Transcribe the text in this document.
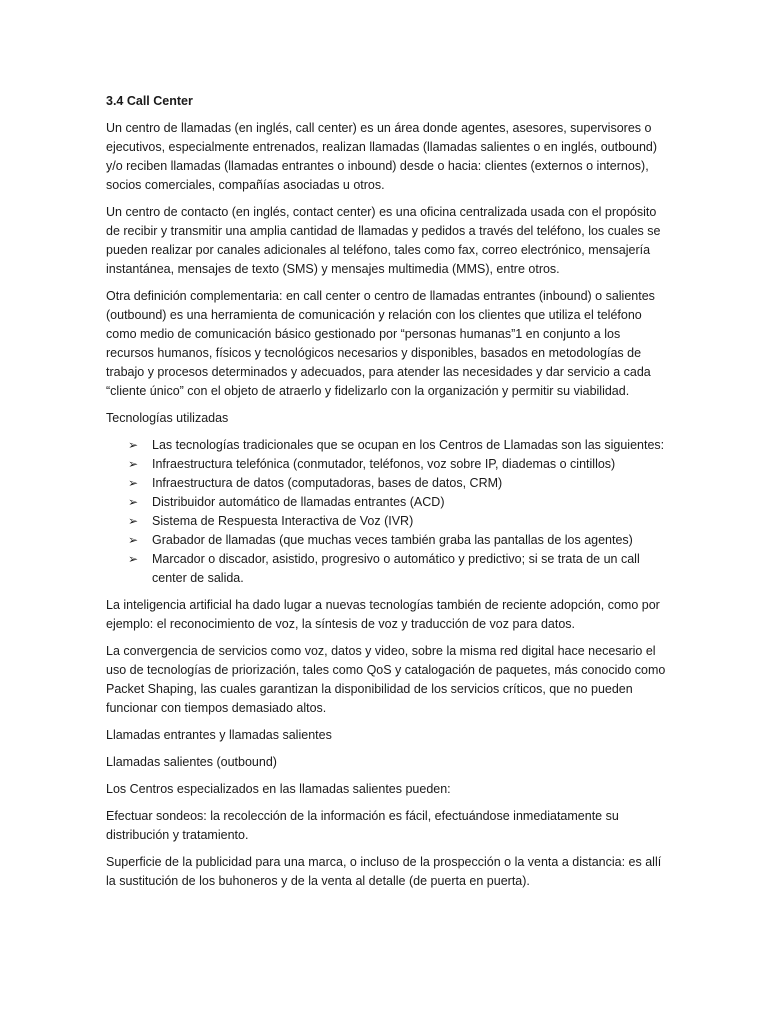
3.4 Call Center

Un centro de llamadas (en inglés, call center) es un área donde agentes, asesores, supervisores o ejecutivos, especialmente entrenados, realizan llamadas (llamadas salientes o en inglés, outbound) y/o reciben llamadas (llamadas entrantes o inbound) desde o hacia: clientes (externos o internos), socios comerciales, compañías asociadas u otros.

Un centro de contacto (en inglés, contact center) es una oficina centralizada usada con el propósito de recibir y transmitir una amplia cantidad de llamadas y pedidos a través del teléfono, los cuales se pueden realizar por canales adicionales al teléfono, tales como fax, correo electrónico, mensajería instantánea, mensajes de texto (SMS) y mensajes multimedia (MMS), entre otros.

Otra definición complementaria: en call center o centro de llamadas entrantes (inbound) o salientes (outbound) es una herramienta de comunicación y relación con los clientes que utiliza el teléfono como medio de comunicación básico gestionado por “personas humanas”1 en conjunto a los recursos humanos, físicos y tecnológicos necesarios y disponibles, basados en metodologías de trabajo y procesos determinados y adecuados, para atender las necesidades y dar servicio a cada “cliente único” con el objeto de atraerlo y fidelizarlo con la organización y permitir su viabilidad.

Tecnologías utilizadas

➢ Las tecnologías tradicionales que se ocupan en los Centros de Llamadas son las siguientes:
➢ Infraestructura telefónica (conmutador, teléfonos, voz sobre IP, diademas o cintillos)
➢ Infraestructura de datos (computadoras, bases de datos, CRM)
➢ Distribuidor automático de llamadas entrantes (ACD)
➢ Sistema de Respuesta Interactiva de Voz (IVR)
➢ Grabador de llamadas (que muchas veces también graba las pantallas de los agentes)
➢ Marcador o discador, asistido, progresivo o automático y predictivo; si se trata de un call center de salida.

La inteligencia artificial ha dado lugar a nuevas tecnologías también de reciente adopción, como por ejemplo: el reconocimiento de voz, la síntesis de voz y traducción de voz para datos.

La convergencia de servicios como voz, datos y video, sobre la misma red digital hace necesario el uso de tecnologías de priorización, tales como QoS y catalogación de paquetes, más conocido como Packet Shaping, las cuales garantizan la disponibilidad de los servicios críticos, que no pueden funcionar con tiempos demasiado altos.

Llamadas entrantes y llamadas salientes

Llamadas salientes (outbound)

Los Centros especializados en las llamadas salientes pueden:

Efectuar sondeos: la recolección de la información es fácil, efectuándose inmediatamente su distribución y tratamiento.

Superficie de la publicidad para una marca, o incluso de la prospección o la venta a distancia: es allí la sustitución de los buhoneros y de la venta al detalle (de puerta en puerta).
